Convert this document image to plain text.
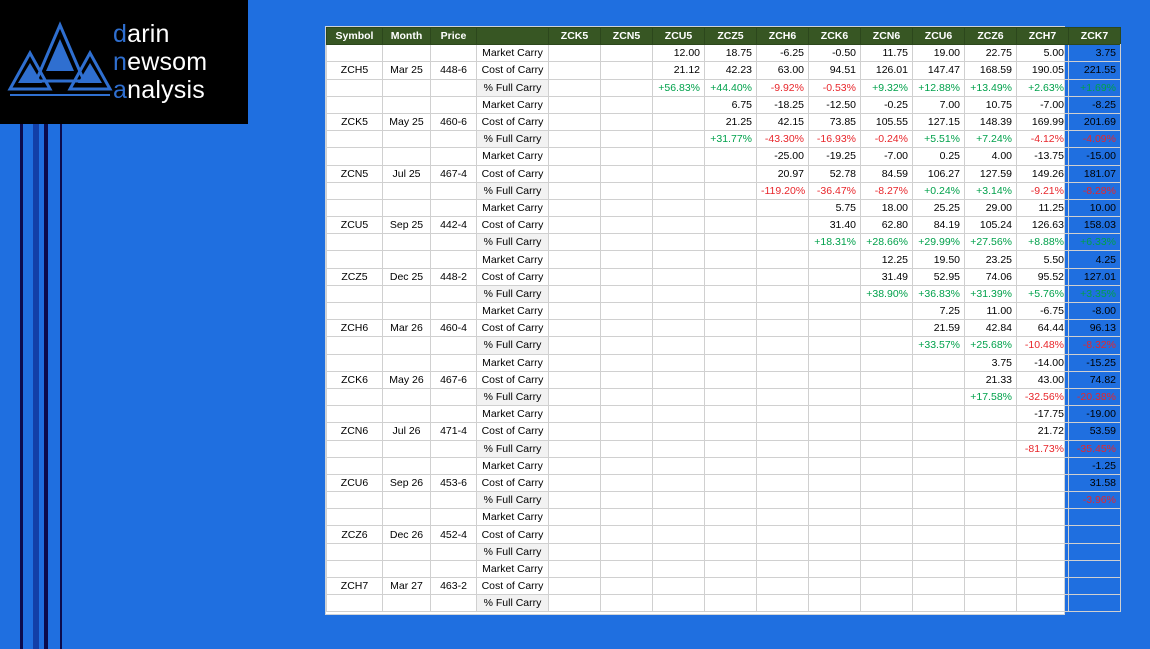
darin
newsom
analysis
Symbol	Month	Price		ZCK5	ZCN5	ZCU5	ZCZ5	ZCH6	ZCK6	ZCN6	ZCU6	ZCZ6	ZCH7	ZCK7	
			Market Carry			12.00	18.75	-6.25	-0.50	11.75	19.00	22.75	5.00	3.75		
ZCH5	Mar 25	448-6	Cost of Carry			21.12	42.23	63.00	94.51	126.01	147.47	168.59	190.05	221.55		
			% Full Carry			+56.83%	+44.40%	-9.92%	-0.53%	+9.32%	+12.88%	+13.49%	+2.63%	+1.69%		
			Market Carry				6.75	-18.25	-12.50	-0.25	7.00	10.75	-7.00	-8.25		
ZCK5	May 25	460-6	Cost of Carry				21.25	42.15	73.85	105.55	127.15	148.39	169.99	201.69		
			% Full Carry				+31.77%	-43.30%	-16.93%	-0.24%	+5.51%	+7.24%	-4.12%	-4.09%		
			Market Carry					-25.00	-19.25	-7.00	0.25	4.00	-13.75	-15.00		
ZCN5	Jul 25	467-4	Cost of Carry					20.97	52.78	84.59	106.27	127.59	149.26	181.07		
			% Full Carry					-119.20%	-36.47%	-8.27%	+0.24%	+3.14%	-9.21%	-8.28%		
			Market Carry						5.75	18.00	25.25	29.00	11.25	10.00		
ZCU5	Sep 25	442-4	Cost of Carry						31.40	62.80	84.19	105.24	126.63	158.03		
			% Full Carry						+18.31%	+28.66%	+29.99%	+27.56%	+8.88%	+6.33%		
			Market Carry							12.25	19.50	23.25	5.50	4.25		
ZCZ5	Dec 25	448-2	Cost of Carry							31.49	52.95	74.06	95.52	127.01		
			% Full Carry							+38.90%	+36.83%	+31.39%	+5.76%	+3.35%		
			Market Carry								7.25	11.00	-6.75	-8.00		
ZCH6	Mar 26	460-4	Cost of Carry								21.59	42.84	64.44	96.13		
			% Full Carry								+33.57%	+25.68%	-10.48%	-8.32%		
			Market Carry									3.75	-14.00	-15.25		
ZCK6	May 26	467-6	Cost of Carry									21.33	43.00	74.82		
			% Full Carry									+17.58%	-32.56%	-20.38%		
			Market Carry										-17.75	-19.00		
ZCN6	Jul 26	471-4	Cost of Carry										21.72	53.59		
			% Full Carry										-81.73%	-35.45%		
			Market Carry											-1.25		
ZCU6	Sep 26	453-6	Cost of Carry											31.58		
			% Full Carry											-3.96%		
			Market Carry													
ZCZ6	Dec 26	452-4	Cost of Carry													
			% Full Carry													
			Market Carry													
ZCH7	Mar 27	463-2	Cost of Carry													
			% Full Carry													
